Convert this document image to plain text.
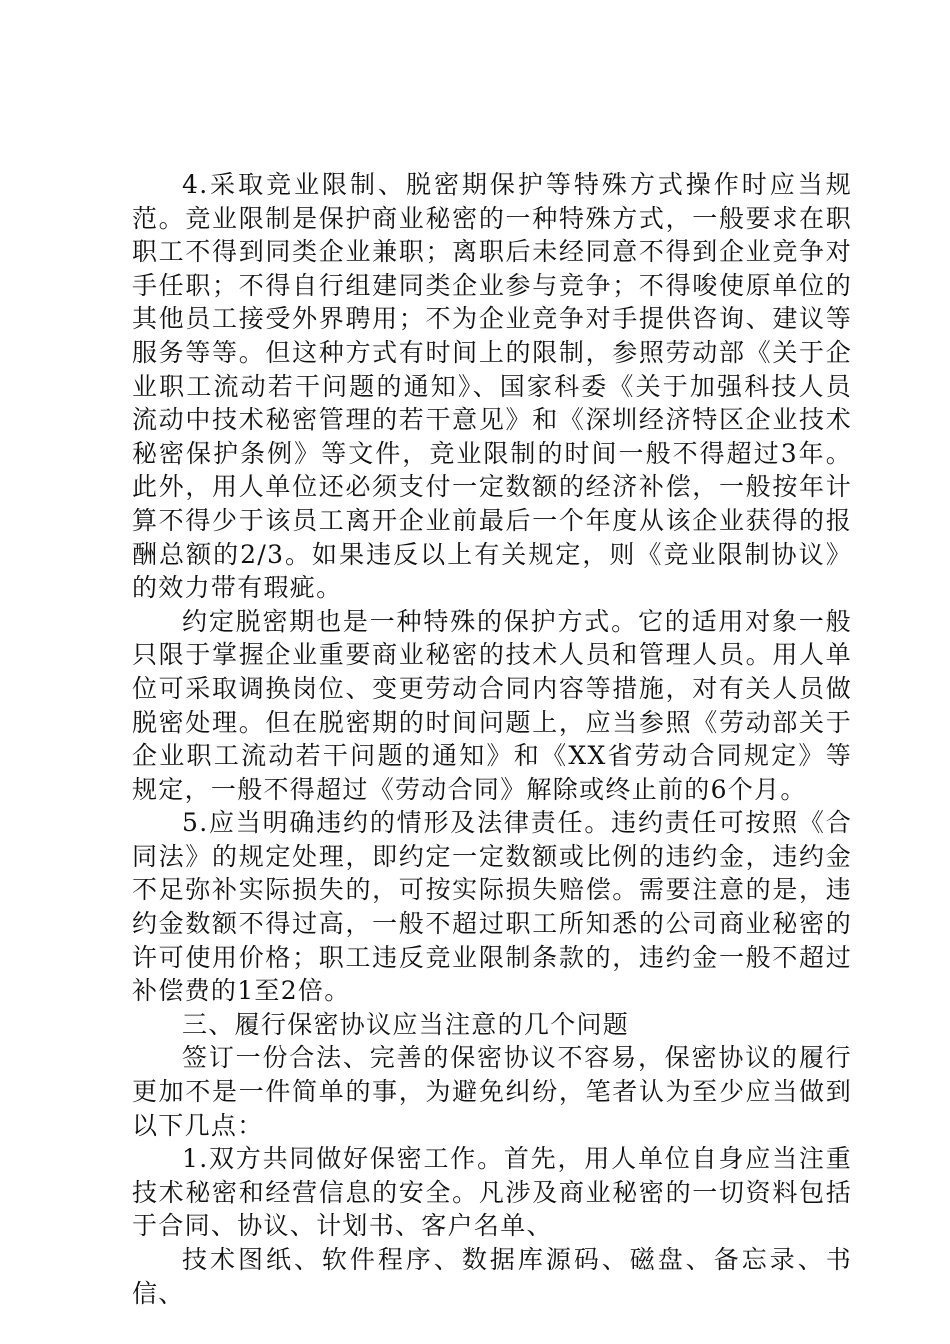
4.采取竞业限制、脱密期保护等特殊方式操作时应当规范。竞业限制是保护商业秘密的一种特殊方式，一般要求在职职工不得到同类企业兼职；离职后未经同意不得到企业竞争对手任职；不得自行组建同类企业参与竞争；不得唆使原单位的其他员工接受外界聘用；不为企业竞争对手提供咨询、建议等服务等等。但这种方式有时间上的限制，参照劳动部《关于企业职工流动若干问题的通知》、国家科委《关于加强科技人员流动中技术秘密管理的若干意见》和《深圳经济特区企业技术秘密保护条例》等文件，竞业限制的时间一般不得超过3年。此外，用人单位还必须支付一定数额的经济补偿，一般按年计算不得少于该员工离开企业前最后一个年度从该企业获得的报酬总额的2/3。如果违反以上有关规定，则《竞业限制协议》的效力带有瑕疵。

约定脱密期也是一种特殊的保护方式。它的适用对象一般只限于掌握企业重要商业秘密的技术人员和管理人员。用人单位可采取调换岗位、变更劳动合同内容等措施，对有关人员做脱密处理。但在脱密期的时间问题上，应当参照《劳动部关于企业职工流动若干问题的通知》和《XX省劳动合同规定》等规定，一般不得超过《劳动合同》解除或终止前的6个月。

5.应当明确违约的情形及法律责任。违约责任可按照《合同法》的规定处理，即约定一定数额或比例的违约金，违约金不足弥补实际损失的，可按实际损失赔偿。需要注意的是，违约金数额不得过高，一般不超过职工所知悉的公司商业秘密的许可使用价格；职工违反竞业限制条款的，违约金一般不超过补偿费的1至2倍。

三、履行保密协议应当注意的几个问题

签订一份合法、完善的保密协议不容易，保密协议的履行更加不是一件简单的事，为避免纠纷，笔者认为至少应当做到以下几点：

1.双方共同做好保密工作。首先，用人单位自身应当注重技术秘密和经营信息的安全。凡涉及商业秘密的一切资料包括于合同、协议、计划书、客户名单、

技术图纸、软件程序、数据库源码、磁盘、备忘录、书信、
